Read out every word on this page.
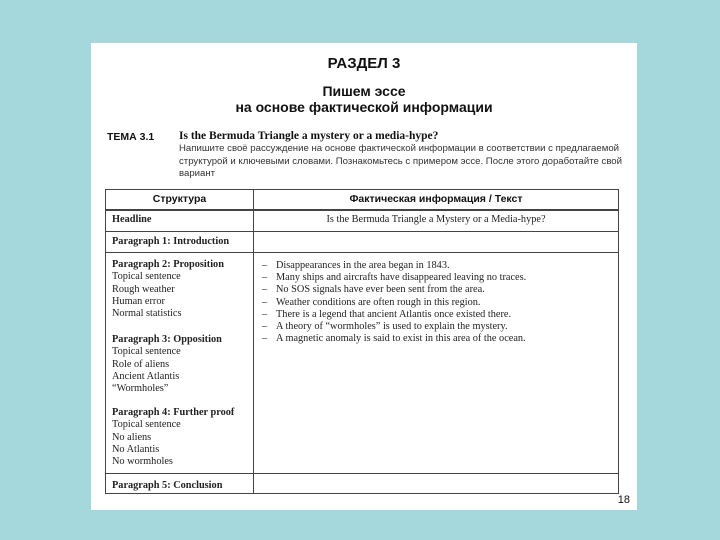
РАЗДЕЛ 3
Пишем эссе
на основе фактической информации
ТЕМА 3.1 Is the Bermuda Triangle a mystery or a media-hype?
Напишите своё рассуждение на основе фактической информации в соответствии с предлагаемой структурой и ключевыми словами. Познакомьтесь с примером эссе. После этого доработайте свой вариант
Структура	Фактическая информация / Текст
Headline	Is the Bermuda Triangle a Mystery or a Media-hype?
Paragraph 1: Introduction
Paragraph 2: Proposition
Topical sentence
Rough weather
Human error
Normal statistics
Paragraph 3: Opposition
Topical sentence
Role of aliens
Ancient Atlantis
“Wormholes”
Paragraph 4: Further proof
Topical sentence
No aliens
No Atlantis
No wormholes
Paragraph 5: Conclusion
– Disappearances in the area began in 1843.
– Many ships and aircrafts have disappeared leaving no traces.
– No SOS signals have ever been sent from the area.
– Weather conditions are often rough in this region.
– There is a legend that ancient Atlantis once existed there.
– A theory of “wormholes” is used to explain the mystery.
– A magnetic anomaly is said to exist in this area of the ocean.
18
